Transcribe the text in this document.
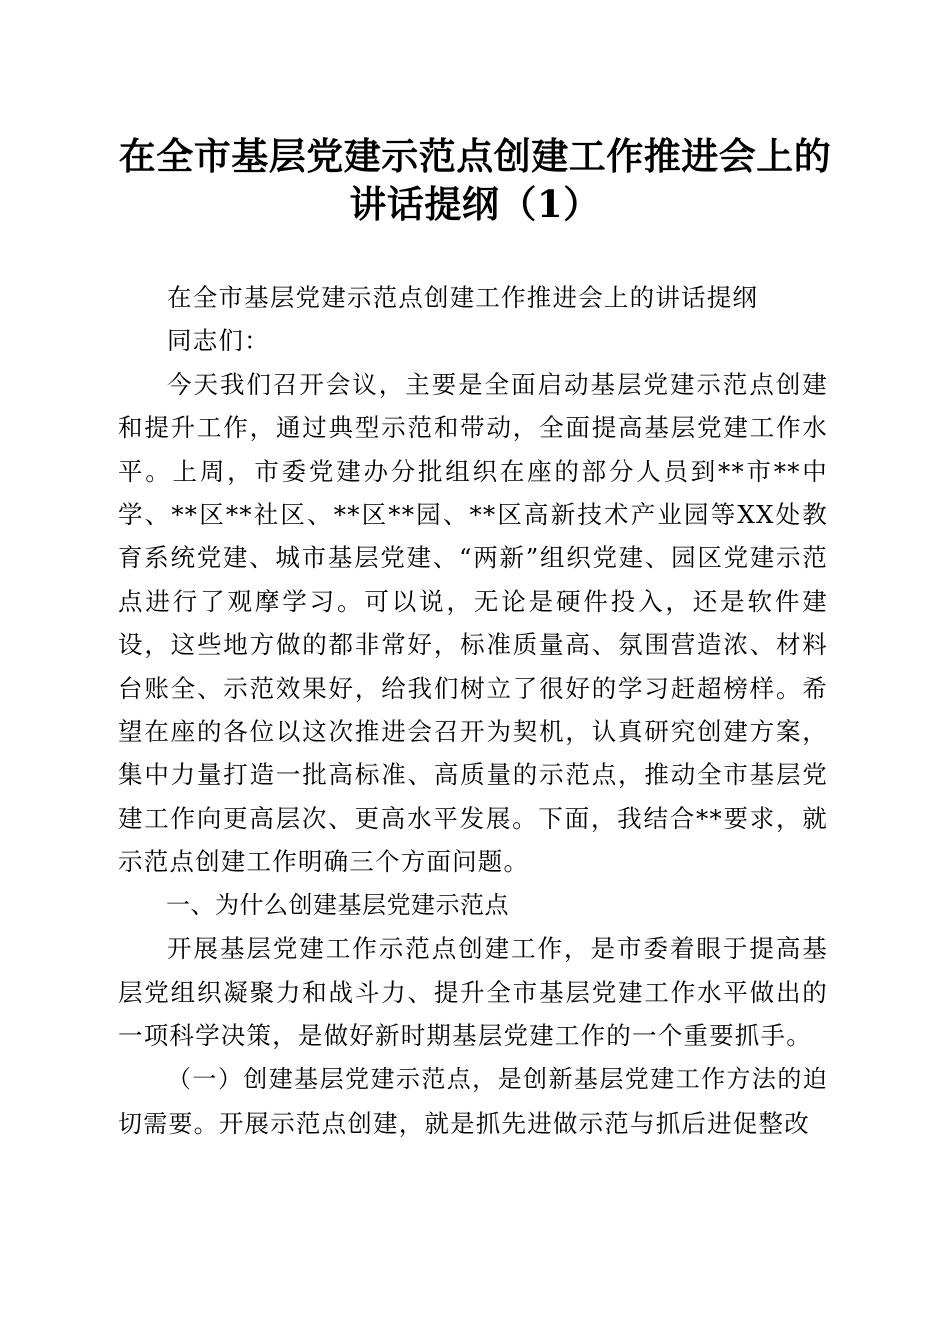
在全市基层党建示范点创建工作推进会上的讲话提纲（1）

在全市基层党建示范点创建工作推进会上的讲话提纲

同志们：

今天我们召开会议，主要是全面启动基层党建示范点创建和提升工作，通过典型示范和带动，全面提高基层党建工作水平。上周，市委党建办分批组织在座的部分人员到**市**中学、**区**社区、**区**园、**区高新技术产业园等XX处教育系统党建、城市基层党建、“两新”组织党建、园区党建示范点进行了观摩学习。可以说，无论是硬件投入，还是软件建设，这些地方做的都非常好，标准质量高、氛围营造浓、材料台账全、示范效果好，给我们树立了很好的学习赶超榜样。希望在座的各位以这次推进会召开为契机，认真研究创建方案，集中力量打造一批高标准、高质量的示范点，推动全市基层党建工作向更高层次、更高水平发展。下面，我结合**要求，就示范点创建工作明确三个方面问题。

一、为什么创建基层党建示范点

开展基层党建工作示范点创建工作，是市委着眼于提高基层党组织凝聚力和战斗力、提升全市基层党建工作水平做出的一项科学决策，是做好新时期基层党建工作的一个重要抓手。

（一）创建基层党建示范点，是创新基层党建工作方法的迫切需要。开展示范点创建，就是抓先进做示范与抓后进促整改
